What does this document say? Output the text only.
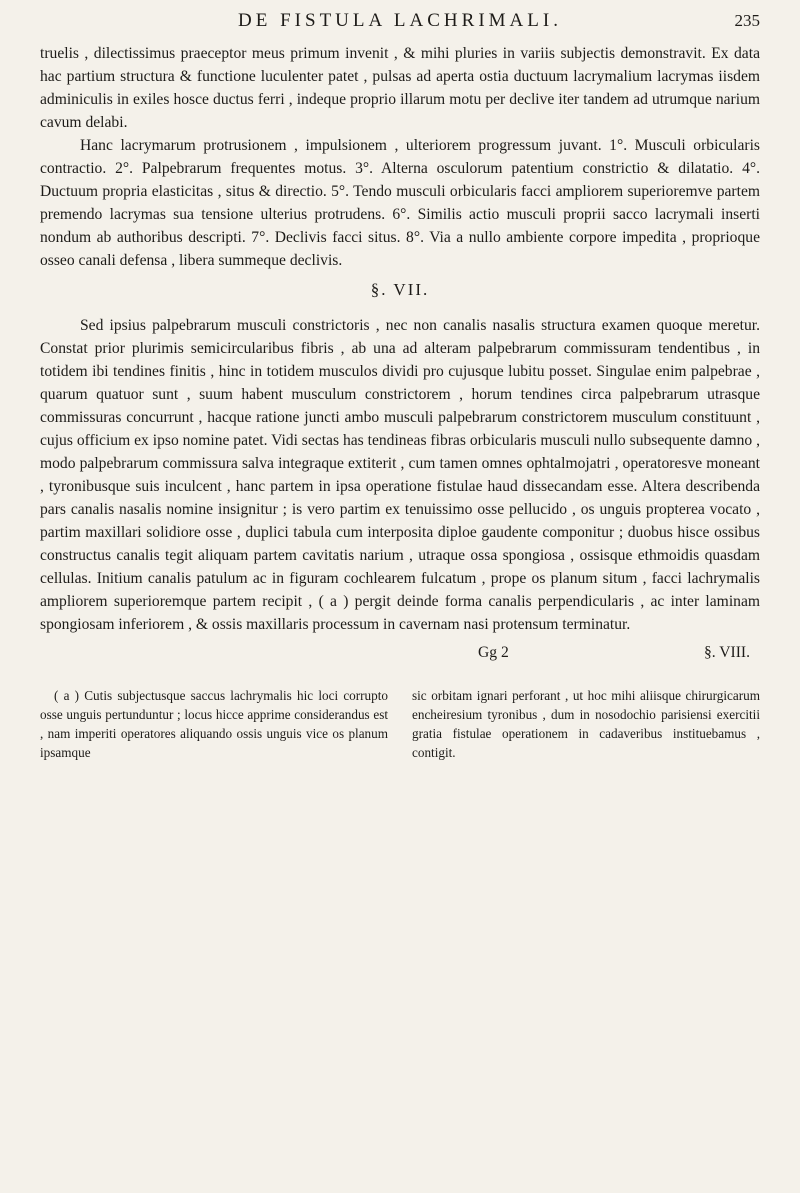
DE FISTULA LACHRIMALI.	235

truelis , dilectissimus praeceptor meus primum invenit , & mihi pluries in variis subjectis demonstravit. Ex data hac partium structura & functione luculenter patet , pulsas ad aperta ostia ductuum lacrymalium lacrymas iisdem adminiculis in exiles hosce ductus ferri , indeque proprio illarum motu per declive iter tandem ad utrumque narium cavum delabi.

Hanc lacrymarum protrusionem , impulsionem , ulteriorem progressum juvant. 1°. Musculi orbicularis contractio. 2°. Palpebrarum frequentes motus. 3°. Alterna osculorum patentium constrictio & dilatatio. 4°. Ductuum propria elasticitas , situs & directio. 5°. Tendo musculi orbicularis facci ampliorem superioremve partem premendo lacrymas sua tensione ulterius protrudens. 6°. Similis actio musculi proprii sacco lacrymali inserti nondum ab authoribus descripti. 7°. Declivis facci situs. 8°. Via a nullo ambiente corpore impedita , proprioque osseo canali defensa , libera summeque declivis.

§. VII.

Sed ipsius palpebrarum musculi constrictoris , nec non canalis nasalis structura examen quoque meretur. Constat prior plurimis semicircularibus fibris , ab una ad alteram palpebrarum commissuram tendentibus , in totidem ibi tendines finitis , hinc in totidem musculos dividi pro cujusque lubitu posset. Singulae enim palpebrae , quarum quatuor sunt , suum habent musculum constrictorem , horum tendines circa palpebrarum utrasque commissuras concurrunt , hacque ratione juncti ambo musculi palpebrarum constrictorem musculum constituunt , cujus officium ex ipso nomine patet. Vidi sectas has tendineas fibras orbicularis musculi nullo subsequente damno , modo palpebrarum commissura salva integraque extiterit , cum tamen omnes ophtalmojatri , operatoresve moneant , tyronibusque suis inculcent , hanc partem in ipsa operatione fistulae haud dissecandam esse. Altera describenda pars canalis nasalis nomine insignitur ; is vero partim ex tenuissimo osse pellucido , os unguis propterea vocato , partim maxillari solidiore osse , duplici tabula cum interposita diploe gaudente componitur ; duobus hisce ossibus constructus canalis tegit aliquam partem cavitatis narium , utraque ossa spongiosa , ossisque ethmoidis quasdam cellulas. Initium canalis patulum ac in figuram cochlearem fulcatum , prope os planum situm , facci lachrymalis ampliorem superioremque partem recipit , ( a ) pergit deinde forma canalis perpendicularis , ac inter laminam spongiosam inferiorem , & ossis maxillaris processum in cavernam nasi protensum terminatur.

Gg 2	§. VIII.
( a ) Cutis subjectusque saccus lachrymalis hic loci corrupto osse unguis pertunduntur ; locus hicce apprime considerandus est , nam imperiti operatores aliquando ossis unguis vice os planum ipsamque
sic orbitam ignari perforant , ut hoc mihi aliisque chirurgicarum encheiresium tyronibus , dum in nosodochio parisiensi exercitii gratia fistulae operationem in cadaveribus instituebamus , contigit.
